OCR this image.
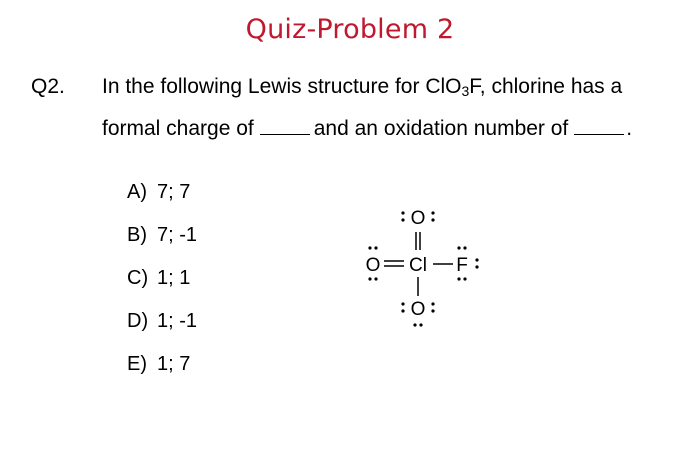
Quiz-Problem 2
Q2. In the following Lewis structure for ClO$_3$F, chlorine has a
formal charge of	and an oxidation number of	.
A) 7; 7
B) 7; -1
C) 1; 1
D) 1; -1
E) 1; 7
O
O Cl F
O
